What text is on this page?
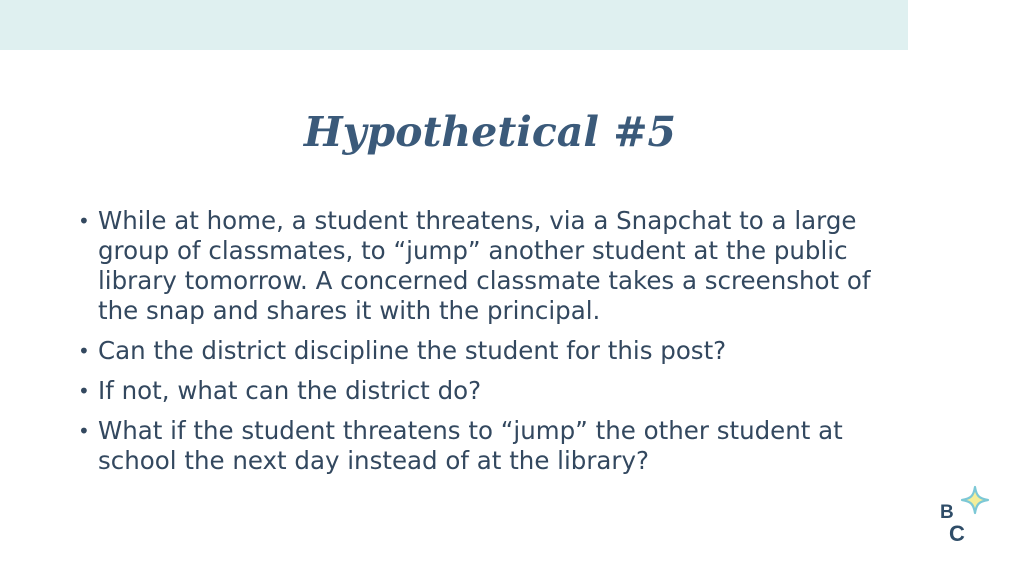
Hypothetical #5
• While at home, a student threatens, via a Snapchat to a large group of classmates, to “jump” another student at the public library tomorrow. A concerned classmate takes a screenshot of the snap and shares it with the principal.
• Can the district discipline the student for this post?
• If not, what can the district do?
• What if the student threatens to “jump” the other student at school the next day instead of at the library?
B
C
